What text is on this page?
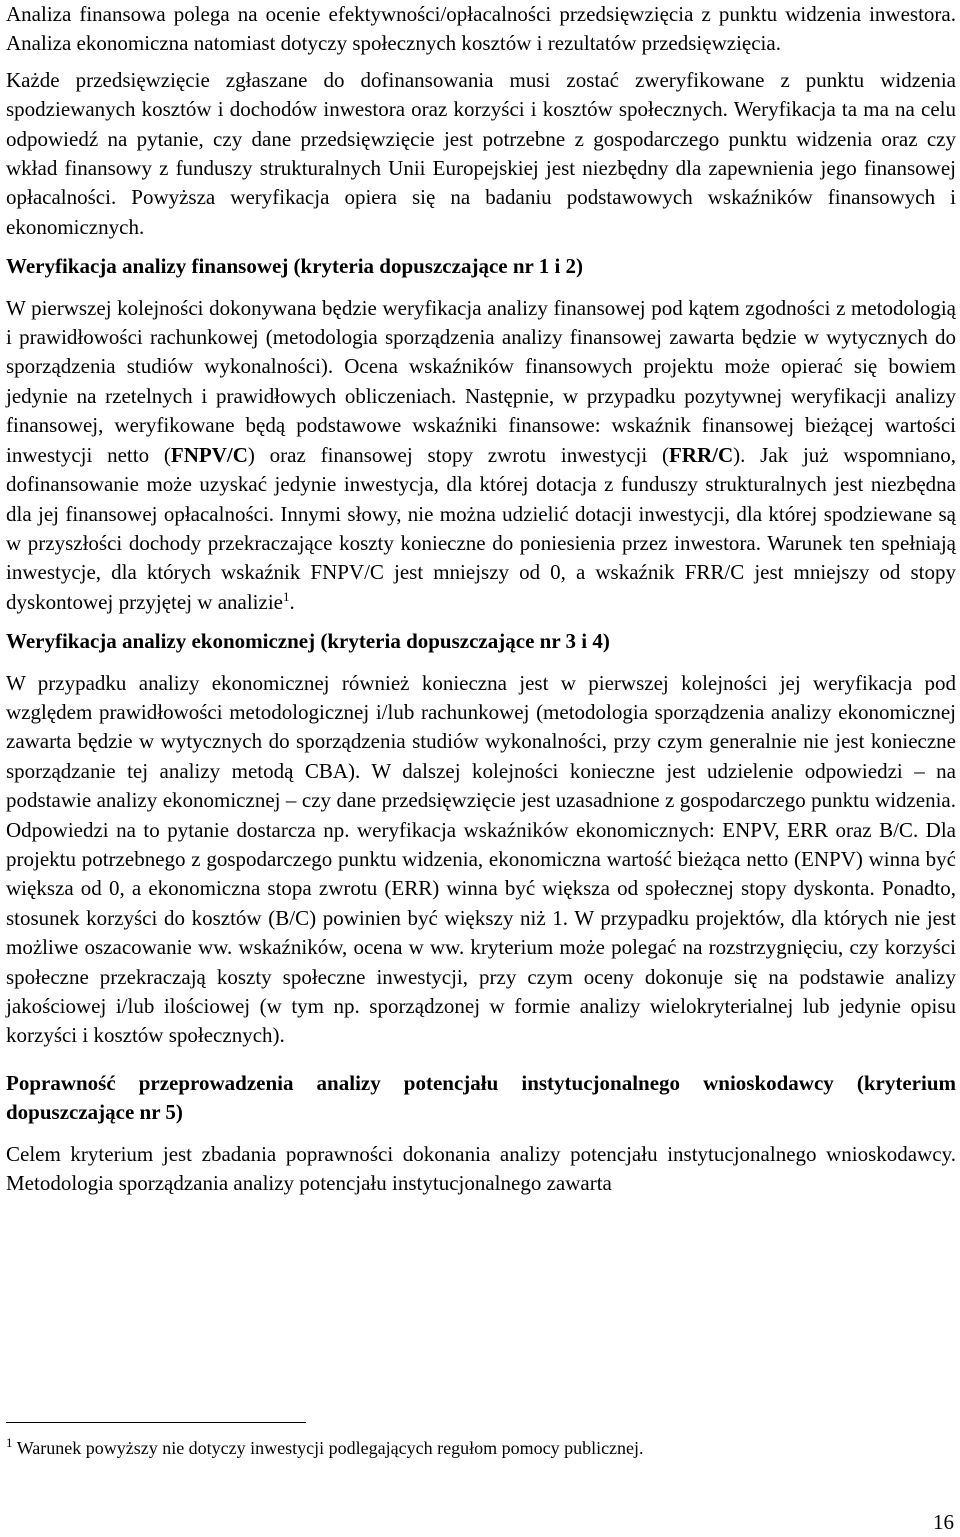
Analiza finansowa polega na ocenie efektywności/opłacalności przedsięwzięcia z punktu widzenia inwestora. Analiza ekonomiczna natomiast dotyczy społecznych kosztów i rezultatów przedsięwzięcia.

Każde przedsięwzięcie zgłaszane do dofinansowania musi zostać zweryfikowane z punktu widzenia spodziewanych kosztów i dochodów inwestora oraz korzyści i kosztów społecznych. Weryfikacja ta ma na celu odpowiedź na pytanie, czy dane przedsięwzięcie jest potrzebne z gospodarczego punktu widzenia oraz czy wkład finansowy z funduszy strukturalnych Unii Europejskiej jest niezbędny dla zapewnienia jego finansowej opłacalności. Powyższa weryfikacja opiera się na badaniu podstawowych wskaźników finansowych i ekonomicznych.

Weryfikacja analizy finansowej (kryteria dopuszczające nr 1 i 2)

W pierwszej kolejności dokonywana będzie weryfikacja analizy finansowej pod kątem zgodności z metodologią i prawidłowości rachunkowej (metodologia sporządzenia analizy finansowej zawarta będzie w wytycznych do sporządzenia studiów wykonalności). Ocena wskaźników finansowych projektu może opierać się bowiem jedynie na rzetelnych i prawidłowych obliczeniach. Następnie, w przypadku pozytywnej weryfikacji analizy finansowej, weryfikowane będą podstawowe wskaźniki finansowe: wskaźnik finansowej bieżącej wartości inwestycji netto (FNPV/C) oraz finansowej stopy zwrotu inwestycji (FRR/C). Jak już wspomniano, dofinansowanie może uzyskać jedynie inwestycja, dla której dotacja z funduszy strukturalnych jest niezbędna dla jej finansowej opłacalności. Innymi słowy, nie można udzielić dotacji inwestycji, dla której spodziewane są w przyszłości dochody przekraczające koszty konieczne do poniesienia przez inwestora. Warunek ten spełniają inwestycje, dla których wskaźnik FNPV/C jest mniejszy od 0, a wskaźnik FRR/C jest mniejszy od stopy dyskontowej przyjętej w analizie$^1$.

Weryfikacja analizy ekonomicznej (kryteria dopuszczające nr 3 i 4)

W przypadku analizy ekonomicznej również konieczna jest w pierwszej kolejności jej weryfikacja pod względem prawidłowości metodologicznej i/lub rachunkowej (metodologia sporządzenia analizy ekonomicznej zawarta będzie w wytycznych do sporządzenia studiów wykonalności, przy czym generalnie nie jest konieczne sporządzanie tej analizy metodą CBA). W dalszej kolejności konieczne jest udzielenie odpowiedzi – na podstawie analizy ekonomicznej – czy dane przedsięwzięcie jest uzasadnione z gospodarczego punktu widzenia. Odpowiedzi na to pytanie dostarcza np. weryfikacja wskaźników ekonomicznych: ENPV, ERR oraz B/C. Dla projektu potrzebnego z gospodarczego punktu widzenia, ekonomiczna wartość bieżąca netto (ENPV) winna być większa od 0, a ekonomiczna stopa zwrotu (ERR) winna być większa od społecznej stopy dyskonta. Ponadto, stosunek korzyści do kosztów (B/C) powinien być większy niż 1. W przypadku projektów, dla których nie jest możliwe oszacowanie ww. wskaźników, ocena w ww. kryterium może polegać na rozstrzygnięciu, czy korzyści społeczne przekraczają koszty społeczne inwestycji, przy czym oceny dokonuje się na podstawie analizy jakościowej i/lub ilościowej (w tym np. sporządzonej w formie analizy wielokryterialnej lub jedynie opisu korzyści i kosztów społecznych).

Poprawność przeprowadzenia analizy potencjału instytucjonalnego wnioskodawcy (kryterium dopuszczające nr 5)

Celem kryterium jest zbadania poprawności dokonania analizy potencjału instytucjonalnego wnioskodawcy. Metodologia sporządzania analizy potencjału instytucjonalnego zawarta

$^1$ Warunek powyższy nie dotyczy inwestycji podlegających regułom pomocy publicznej.
16
